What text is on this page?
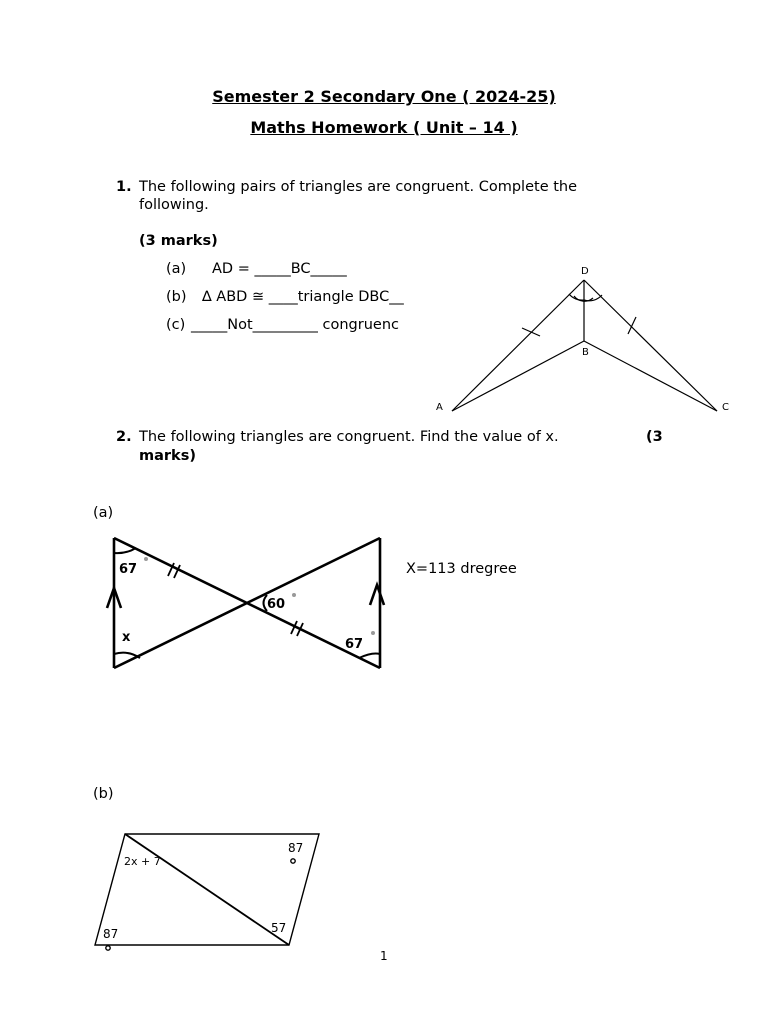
Semester 2 Secondary One ( 2024-25)
Maths Homework ( Unit – 14 )
1. The following pairs of triangles are congruent. Complete the
following.
(3 marks)
(a) AD = _____BC_____
(b) ∆ ABD ≅ ____triangle DBC__
(c) _____Not_________ congruenc
D
B
A	C
2. The following triangles are congruent. Find the value of x.	(3
marks)
(a)
67
60
67
x
X=113 dregree
(b)
87
2x + 7
57
87
1
